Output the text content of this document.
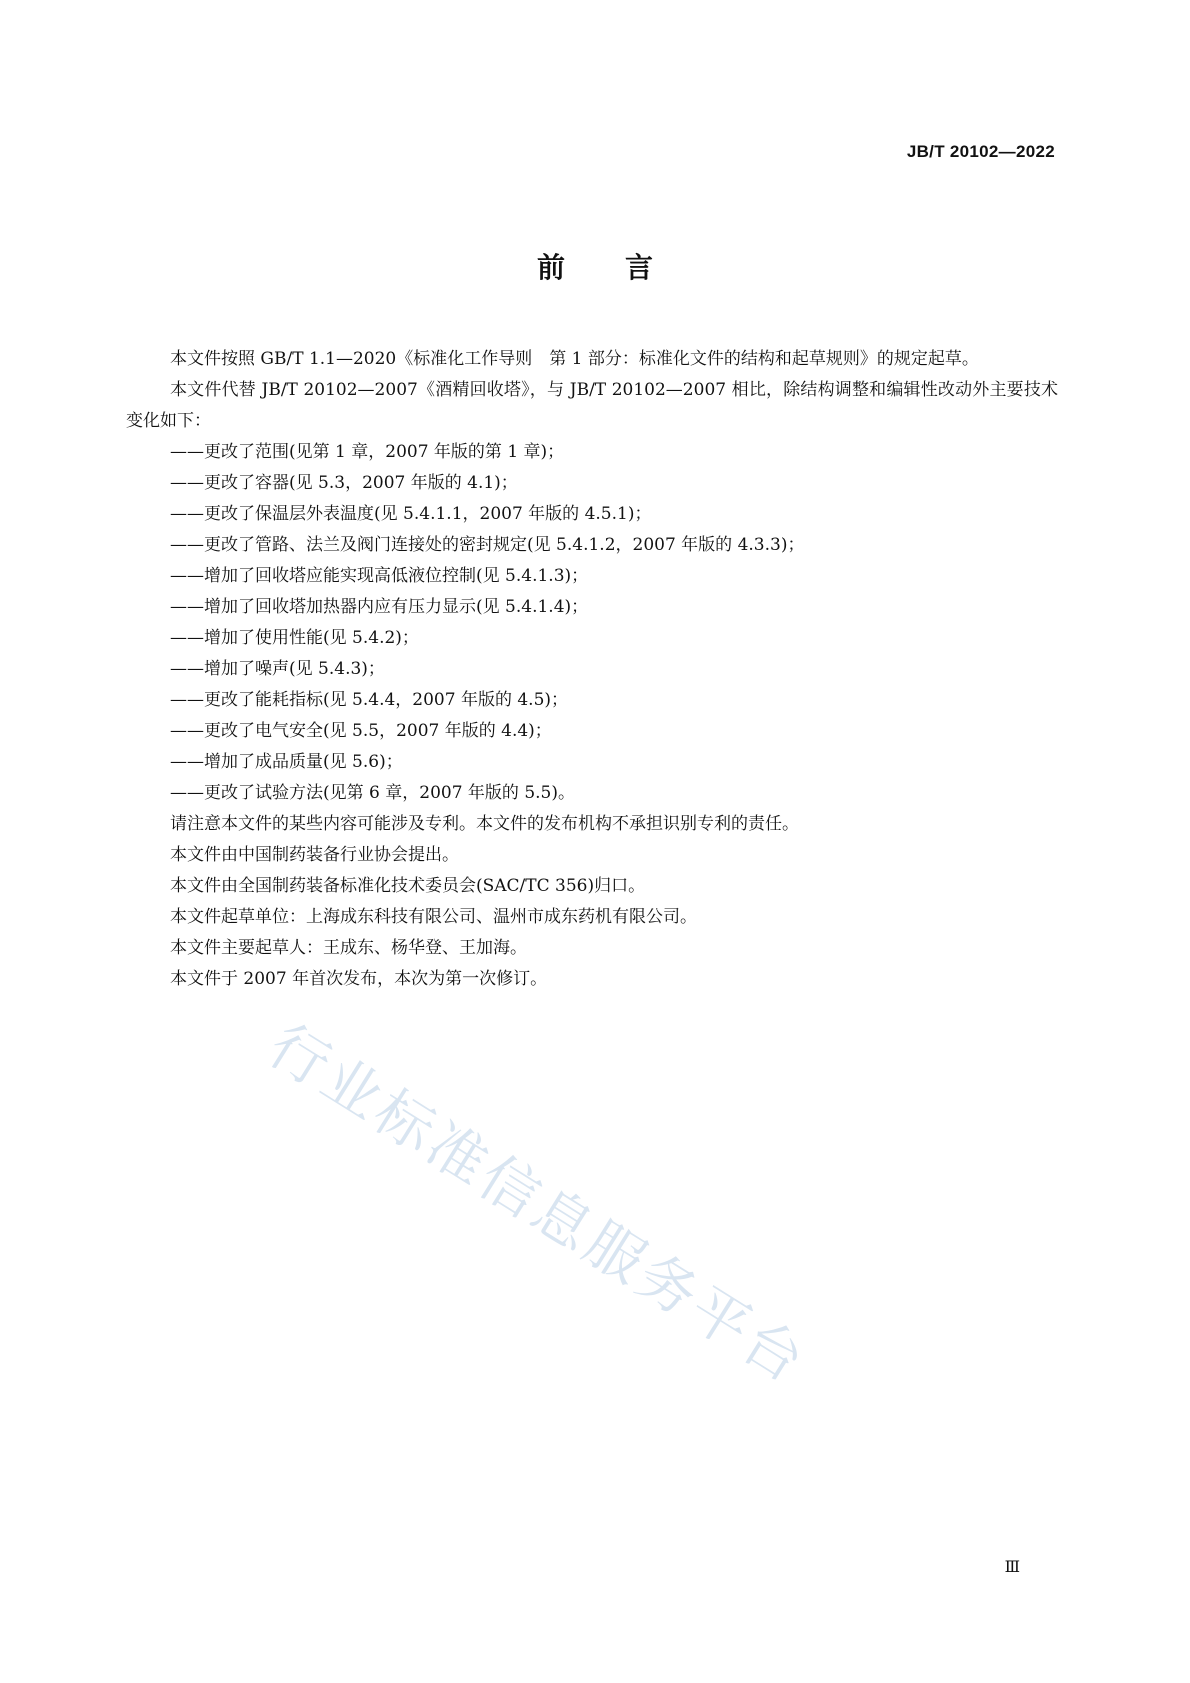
JB/T 20102—2022
前言

本文件按照 GB/T 1.1—2020《标准化工作导则　第 1 部分：标准化文件的结构和起草规则》的规定起草。

本文件代替 JB/T 20102—2007《酒精回收塔》，与 JB/T 20102—2007 相比，除结构调整和编辑性改动外主要技术变化如下：

——更改了范围(见第 1 章，2007 年版的第 1 章)；

——更改了容器(见 5.3，2007 年版的 4.1)；

——更改了保温层外表温度(见 5.4.1.1，2007 年版的 4.5.1)；

——更改了管路、法兰及阀门连接处的密封规定(见 5.4.1.2，2007 年版的 4.3.3)；

——增加了回收塔应能实现高低液位控制(见 5.4.1.3)；

——增加了回收塔加热器内应有压力显示(见 5.4.1.4)；

——增加了使用性能(见 5.4.2)；

——增加了噪声(见 5.4.3)；

——更改了能耗指标(见 5.4.4，2007 年版的 4.5)；

——更改了电气安全(见 5.5，2007 年版的 4.4)；

——增加了成品质量(见 5.6)；

——更改了试验方法(见第 6 章，2007 年版的 5.5)。

请注意本文件的某些内容可能涉及专利。本文件的发布机构不承担识别专利的责任。

本文件由中国制药装备行业协会提出。

本文件由全国制药装备标准化技术委员会(SAC/TC 356)归口。

本文件起草单位：上海成东科技有限公司、温州市成东药机有限公司。

本文件主要起草人：王成东、杨华登、王加海。

本文件于 2007 年首次发布，本次为第一次修订。

行业标准信息服务平台
Ⅲ
